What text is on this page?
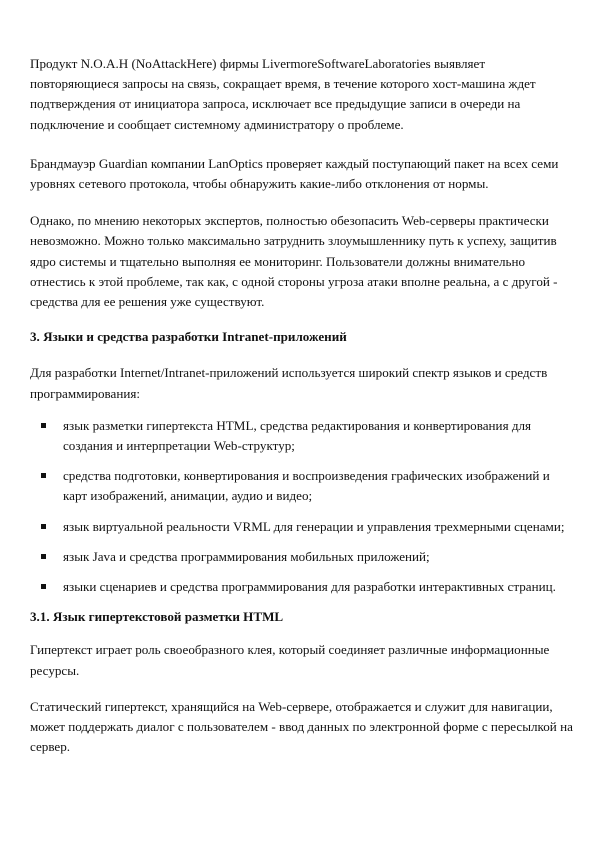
Продукт N.O.A.H (NoAttackHere) фирмы LivermoreSoftwareLaboratories выявляет повторяющиеся запросы на связь, сокращает время, в течение которого хост-машина ждет подтверждения от инициатора запроса, исключает все предыдущие записи в очереди на подключение и сообщает системному администратору о проблеме.

Брандмауэр Guardian компании LanOptics проверяет каждый поступающий пакет на всех семи уровнях сетевого протокола, чтобы обнаружить какие-либо отклонения от нормы.

Однако, по мнению некоторых экспертов, полностью обезопасить Web-серверы практически невозможно. Можно только максимально затруднить злоумышленнику путь к успеху, защитив ядро системы и тщательно выполняя ее мониторинг. Пользователи должны внимательно отнестись к этой проблеме, так как, с одной стороны угроза атаки вполне реальна, а с другой - средства для ее решения уже существуют.

3. Языки и средства разработки Intranet-приложений

Для разработки Internet/Intranet-приложений используется широкий спектр языков и средств программирования:

язык разметки гипертекста HTML, средства редактирования и конвертирования для создания и интерпретации Web-структур;
средства подготовки, конвертирования и воспроизведения графических изображений и карт изображений, анимации, аудио и видео;
язык виртуальной реальности VRML для генерации и управления трехмерными сценами;
язык Java и средства программирования мобильных приложений;
языки сценариев и средства программирования для разработки интерактивных страниц.

3.1. Язык гипертекстовой разметки HTML

Гипертекст играет роль своеобразного клея, который соединяет различные информационные ресурсы.

Статический гипертекст, хранящийся на Web-сервере, отображается и служит для навигации, может поддержать диалог с пользователем - ввод данных по электронной форме с пересылкой на сервер.
